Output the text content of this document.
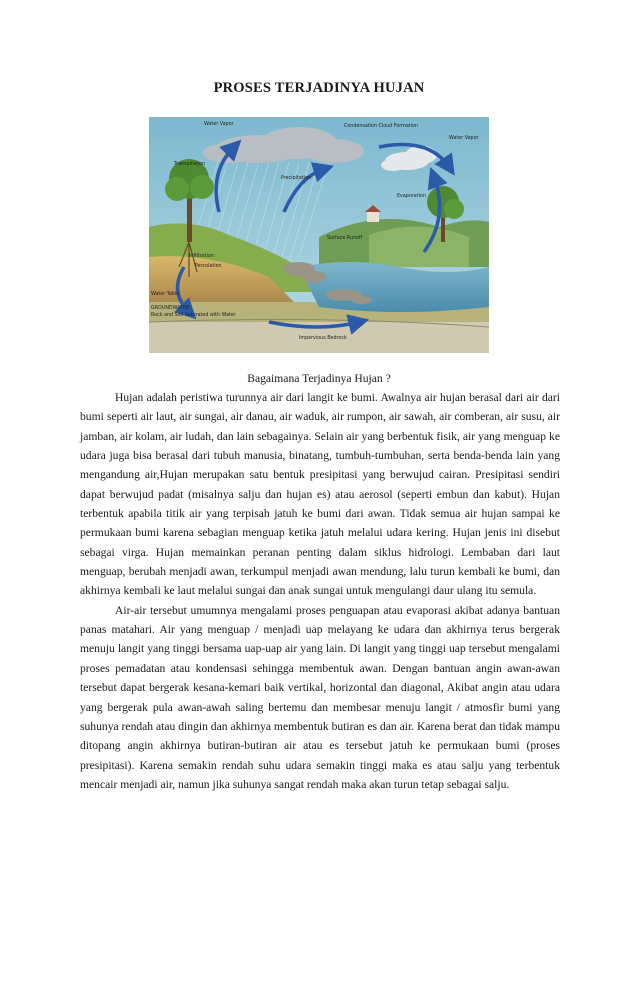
PROSES TERJADINYA HUJAN
Water Vapor
Transpiration
Condensation Cloud Formation
Water Vapor
Precipitation
Evaporation
Surface Runoff
Infiltration
Percolation
Water Table
GROUNDWATER
Rock and Soil Saturated with Water
Impervious Bedrock
Bagaimana Terjadinya Hujan ?

Hujan adalah peristiwa turunnya air dari langit ke bumi. Awalnya air hujan berasal dari air dari bumi seperti air laut, air sungai, air danau, air waduk, air rumpon, air sawah, air comberan, air susu, air jamban, air kolam, air ludah, dan lain sebagainya. Selain air yang berbentuk fisik, air yang menguap ke udara juga bisa berasal dari tubuh manusia, binatang, tumbuh-tumbuhan, serta benda-benda lain yang mengandung air,Hujan merupakan satu bentuk presipitasi yang berwujud cairan. Presipitasi sendiri dapat berwujud padat (misalnya salju dan hujan es) atau aerosol (seperti embun dan kabut). Hujan terbentuk apabila titik air yang terpisah jatuh ke bumi dari awan. Tidak semua air hujan sampai ke permukaan bumi karena sebagian menguap ketika jatuh melalui udara kering. Hujan jenis ini disebut sebagai virga. Hujan memainkan peranan penting dalam siklus hidrologi. Lembaban dari laut menguap, berubah menjadi awan, terkumpul menjadi awan mendung, lalu turun kembali ke bumi, dan akhirnya kembali ke laut melalui sungai dan anak sungai untuk mengulangi daur ulang itu semula.

Air-air tersebut umumnya mengalami proses penguapan atau evaporasi akibat adanya bantuan panas matahari. Air yang menguap / menjadi uap melayang ke udara dan akhirnya terus bergerak menuju langit yang tinggi bersama uap-uap air yang lain. Di langit yang tinggi uap tersebut mengalami proses pemadatan atau kondensasi sehingga membentuk awan. Dengan bantuan angin awan-awan tersebut dapat bergerak kesana-kemari baik vertikal, horizontal dan diagonal, Akibat angin atau udara yang bergerak pula awan-awah saling bertemu dan membesar menuju langit / atmosfir bumi yang suhunya rendah atau dingin dan akhirnya membentuk butiran es dan air. Karena berat dan tidak mampu ditopang angin akhirnya butiran-butiran air atau es tersebut jatuh ke permukaan bumi (proses presipitasi). Karena semakin rendah suhu udara semakin tinggi maka es atau salju yang terbentuk mencair menjadi air, namun jika suhunya sangat rendah maka akan turun tetap sebagai salju.
